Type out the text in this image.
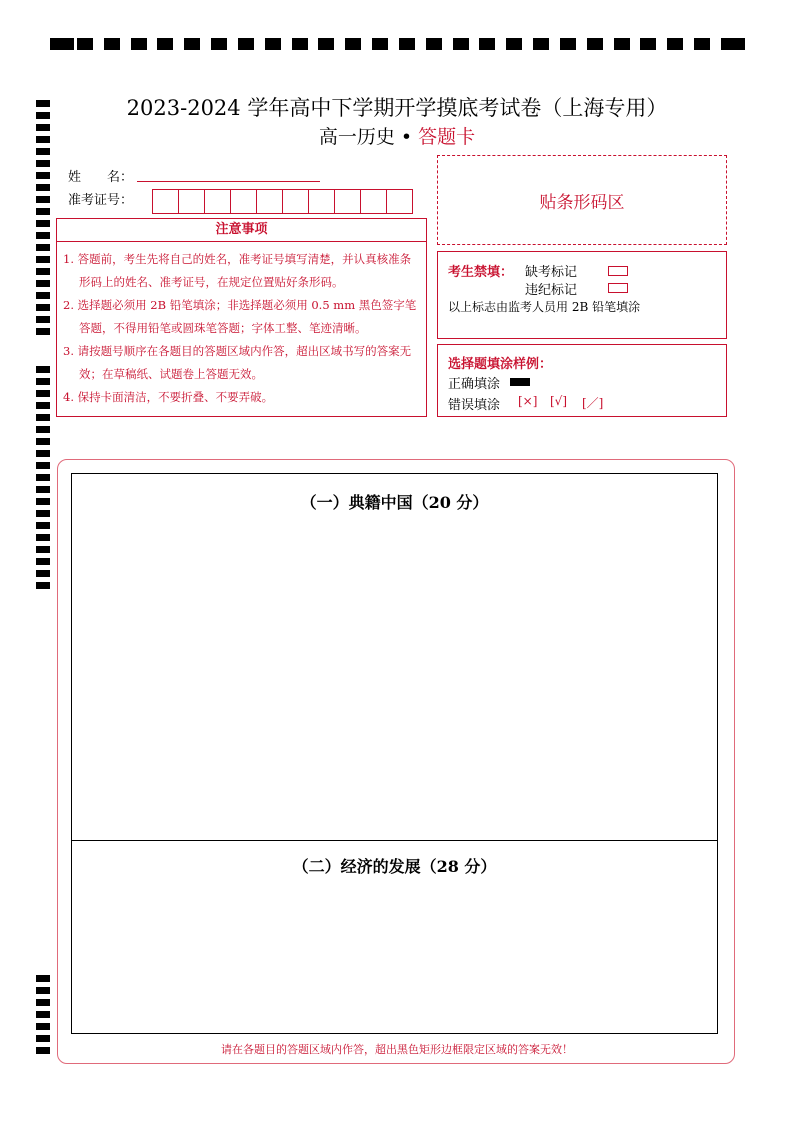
2023-2024 学年高中下学期开学摸底考试卷（上海专用）
高一历史 • 答题卡
姓　　名：
准考证号：	贴条形码区
注意事项
1. 答题前，考生先将自己的姓名，准考证号填写清楚，并认真核准条形码上的姓名、准考证号，在规定位置贴好条形码。
2. 选择题必须用 2B 铅笔填涂；非选择题必须用 0.5 mm 黑色签字笔答题，不得用铅笔或圆珠笔答题；字体工整、笔迹清晰。
3. 请按题号顺序在各题目的答题区域内作答，超出区域书写的答案无效；在草稿纸、试题卷上答题无效。
4. 保持卡面清洁，不要折叠、不要弄破。
考生禁填： 缺考标记
违纪标记
以上标志由监考人员用 2B 铅笔填涂
选择题填涂样例：
正确填涂
错误填涂 [×] [√] [／]
（一）典籍中国（20 分）
（二）经济的发展（28 分）
请在各题目的答题区域内作答，超出黑色矩形边框限定区域的答案无效！
